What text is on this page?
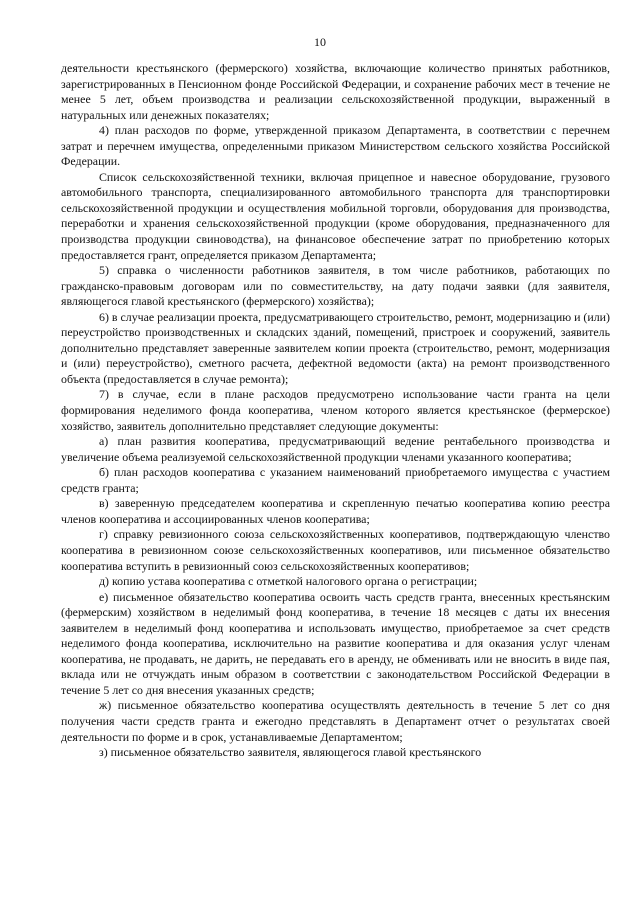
10

деятельности крестьянского (фермерского) хозяйства, включающие количество принятых работников, зарегистрированных в Пенсионном фонде Российской Федерации, и сохранение рабочих мест в течение не менее 5 лет, объем производства и реализации сельскохозяйственной продукции, выраженный в натуральных или денежных показателях;

4) план расходов по форме, утвержденной приказом Департамента, в соответствии с перечнем затрат и перечнем имущества, определенными приказом Министерством сельского хозяйства Российской Федерации.

Список сельскохозяйственной техники, включая прицепное и навесное оборудование, грузового автомобильного транспорта, специализированного автомобильного транспорта для транспортировки сельскохозяйственной продукции и осуществления мобильной торговли, оборудования для производства, переработки и хранения сельскохозяйственной продукции (кроме оборудования, предназначенного для производства продукции свиноводства), на финансовое обеспечение затрат по приобретению которых предоставляется грант, определяется приказом Департамента;

5) справка о численности работников заявителя, в том числе работников, работающих по гражданско-правовым договорам или по совместительству, на дату подачи заявки (для заявителя, являющегося главой крестьянского (фермерского) хозяйства);

6) в случае реализации проекта, предусматривающего строительство, ремонт, модернизацию и (или) переустройство производственных и складских зданий, помещений, пристроек и сооружений, заявитель дополнительно представляет заверенные заявителем копии проекта (строительство, ремонт, модернизация и (или) переустройство), сметного расчета, дефектной ведомости (акта) на ремонт производственного объекта (предоставляется в случае ремонта);

7) в случае, если в плане расходов предусмотрено использование части гранта на цели формирования неделимого фонда кооператива, членом которого является крестьянское (фермерское) хозяйство, заявитель дополнительно представляет следующие документы:

а) план развития кооператива, предусматривающий ведение рентабельного производства и увеличение объема реализуемой сельскохозяйственной продукции членами указанного кооператива;

б) план расходов кооператива с указанием наименований приобретаемого имущества с участием средств гранта;

в) заверенную председателем кооператива и скрепленную печатью кооператива копию реестра членов кооператива и ассоциированных членов кооператива;

г) справку ревизионного союза сельскохозяйственных кооперативов, подтверждающую членство кооператива в ревизионном союзе сельскохозяйственных кооперативов, или письменное обязательство кооператива вступить в ревизионный союз сельскохозяйственных кооперативов;

д) копию устава кооператива с отметкой налогового органа о регистрации;

е) письменное обязательство кооператива освоить часть средств гранта, внесенных крестьянским (фермерским) хозяйством в неделимый фонд кооператива, в течение 18 месяцев с даты их внесения заявителем в неделимый фонд кооператива и использовать имущество, приобретаемое за счет средств неделимого фонда кооператива, исключительно на развитие кооператива и для оказания услуг членам кооператива, не продавать, не дарить, не передавать его в аренду, не обменивать или не вносить в виде пая, вклада или не отчуждать иным образом в соответствии с законодательством Российской Федерации в течение 5 лет со дня внесения указанных средств;

ж) письменное обязательство кооператива осуществлять деятельность в течение 5 лет со дня получения части средств гранта и ежегодно представлять в Департамент отчет о результатах своей деятельности по форме и в срок, устанавливаемые Департаментом;

з) письменное обязательство заявителя, являющегося главой крестьянского
